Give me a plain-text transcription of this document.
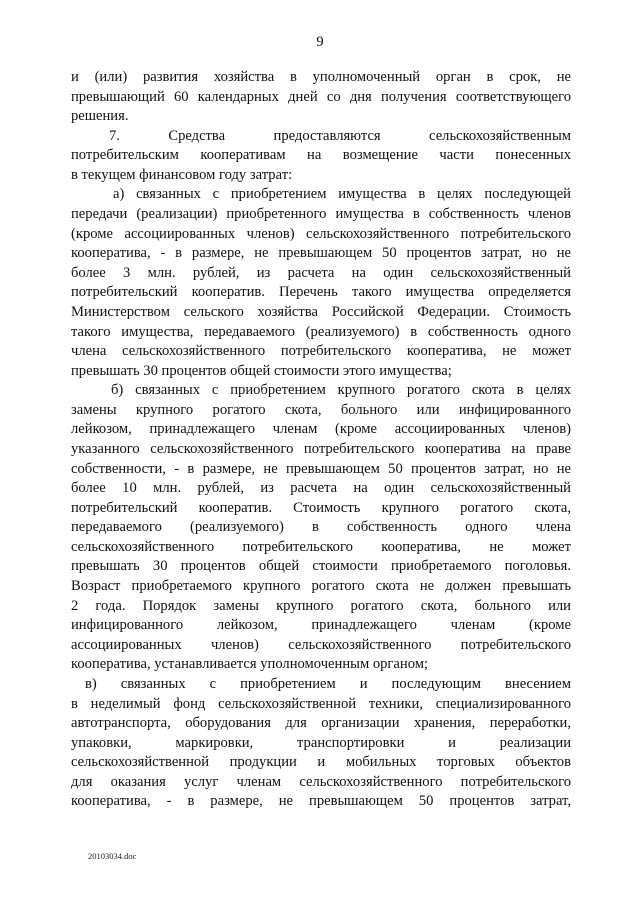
9
и (или) развития хозяйства в уполномоченный орган в срок, не
превышающий 60 календарных дней со дня получения соответствующего
решения.
7. Средства предоставляются сельскохозяйственным
потребительским кооперативам на возмещение части понесенных
в текущем финансовом году затрат:
а) связанных с приобретением имущества в целях последующей
передачи (реализации) приобретенного имущества в собственность членов
(кроме ассоциированных членов) сельскохозяйственного потребительского
кооператива, - в размере, не превышающем 50 процентов затрат, но не
более 3 млн. рублей, из расчета на один сельскохозяйственный
потребительский кооператив. Перечень такого имущества определяется
Министерством сельского хозяйства Российской Федерации. Стоимость
такого имущества, передаваемого (реализуемого) в собственность одного
члена сельскохозяйственного потребительского кооператива, не может
превышать 30 процентов общей стоимости этого имущества;
б) связанных с приобретением крупного рогатого скота в целях
замены крупного рогатого скота, больного или инфицированного
лейкозом, принадлежащего членам (кроме ассоциированных членов)
указанного сельскохозяйственного потребительского кооператива на праве
собственности, - в размере, не превышающем 50 процентов затрат, но не
более 10 млн. рублей, из расчета на один сельскохозяйственный
потребительский кооператив. Стоимость крупного рогатого скота,
передаваемого (реализуемого) в собственность одного члена
сельскохозяйственного потребительского кооператива, не может
превышать 30 процентов общей стоимости приобретаемого поголовья.
Возраст приобретаемого крупного рогатого скота не должен превышать
2 года. Порядок замены крупного рогатого скота, больного или
инфицированного лейкозом, принадлежащего членам (кроме
ассоциированных членов) сельскохозяйственного потребительского
кооператива, устанавливается уполномоченным органом;
в) связанных с приобретением и последующим внесением
в неделимый фонд сельскохозяйственной техники, специализированного
автотранспорта, оборудования для организации хранения, переработки,
упаковки, маркировки, транспортировки и реализации
сельскохозяйственной продукции и мобильных торговых объектов
для оказания услуг членам сельскохозяйственного потребительского
кооператива, - в размере, не превышающем 50 процентов затрат,
20103034.doc
